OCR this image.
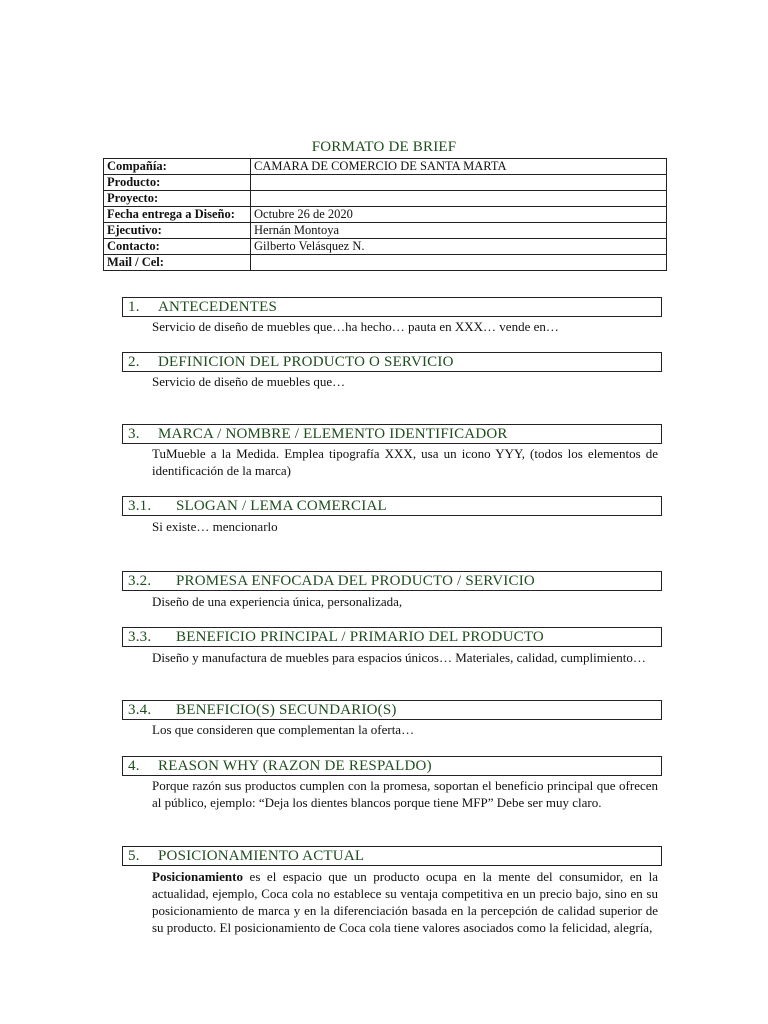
FORMATO DE BRIEF
Compañía:	CAMARA DE COMERCIO DE SANTA MARTA
Producto:	
Proyecto:	
Fecha entrega a Diseño:	Octubre 26 de 2020
Ejecutivo:	Hernán Montoya
Contacto:	Gilberto Velásquez N.
Mail / Cel:	
1.	ANTECEDENTES
Servicio de diseño de muebles que…ha hecho… pauta en XXX… vende en…
2.	DEFINICION DEL PRODUCTO O SERVICIO
Servicio de diseño de muebles que…
3.	MARCA / NOMBRE / ELEMENTO IDENTIFICADOR
TuMueble a la Medida. Emplea tipografía XXX, usa un icono YYY, (todos los elementos de identificación de la marca)
3.1.	SLOGAN / LEMA COMERCIAL
Si existe… mencionarlo
3.2.	PROMESA ENFOCADA DEL PRODUCTO / SERVICIO
Diseño de una experiencia única, personalizada,
3.3.	BENEFICIO PRINCIPAL / PRIMARIO DEL PRODUCTO
Diseño y manufactura de muebles para espacios únicos… Materiales, calidad, cumplimiento…
3.4.	BENEFICIO(S) SECUNDARIO(S)
Los que consideren que complementan la oferta…
4.	REASON WHY (RAZON DE RESPALDO)
Porque razón sus productos cumplen con la promesa, soportan el beneficio principal que ofrecen al público, ejemplo: “Deja los dientes blancos porque tiene MFP” Debe ser muy claro.
5.	POSICIONAMIENTO ACTUAL
Posicionamiento es el espacio que un producto ocupa en la mente del consumidor, en la actualidad, ejemplo, Coca cola no establece su ventaja competitiva en un precio bajo, sino en su posicionamiento de marca y en la diferenciación basada en la percepción de calidad superior de su producto. El posicionamiento de Coca cola tiene valores asociados como la felicidad, alegría,
